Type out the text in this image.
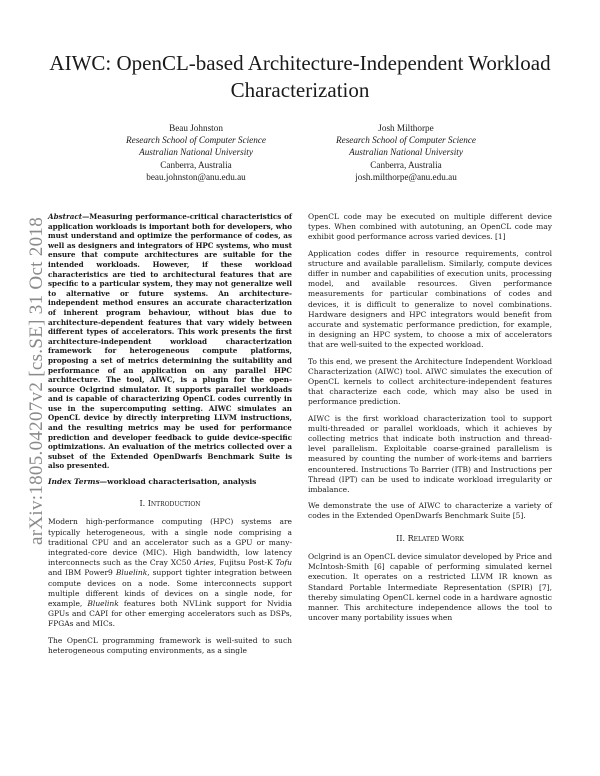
arXiv:1805.04207v2 [cs.SE] 31 Oct 2018
AIWC: OpenCL-based Architecture-Independent Workload Characterization
Beau Johnston
Research School of Computer Science
Australian National University
Canberra, Australia
beau.johnston@anu.edu.au
Josh Milthorpe
Research School of Computer Science
Australian National University
Canberra, Australia
josh.milthorpe@anu.edu.au

Abstract—Measuring performance-critical characteristics of application workloads is important both for developers, who must understand and optimize the performance of codes, as well as designers and integrators of HPC systems, who must ensure that compute architectures are suitable for the intended workloads. However, if these workload characteristics are tied to architectural features that are specific to a particular system, they may not generalize well to alternative or future systems. An architecture-independent method ensures an accurate characterization of inherent program behaviour, without bias due to architecture-dependent features that vary widely between different types of accelerators. This work presents the first architecture-independent workload characterization framework for heterogeneous compute platforms, proposing a set of metrics determining the suitability and performance of an application on any parallel HPC architecture. The tool, AIWC, is a plugin for the open-source Oclgrind simulator. It supports parallel workloads and is capable of characterizing OpenCL codes currently in use in the supercomputing setting. AIWC simulates an OpenCL device by directly interpreting LLVM instructions, and the resulting metrics may be used for performance prediction and developer feedback to guide device-specific optimizations. An evaluation of the metrics collected over a subset of the Extended OpenDwarfs Benchmark Suite is also presented.

Index Terms—workload characterisation, analysis

I. Introduction

Modern high-performance computing (HPC) systems are typically heterogeneous, with a single node comprising a traditional CPU and an accelerator such as a GPU or many-integrated-core device (MIC). High bandwidth, low latency interconnects such as the Cray XC50 Aries, Fujitsu Post-K Tofu and IBM Power9 Bluelink, support tighter integration between compute devices on a node. Some interconnects support multiple different kinds of devices on a single node, for example, Bluelink features both NVLink support for Nvidia GPUs and CAPI for other emerging accelerators such as DSPs, FPGAs and MICs.

The OpenCL programming framework is well-suited to such heterogeneous computing environments, as a single

OpenCL code may be executed on multiple different device types. When combined with autotuning, an OpenCL code may exhibit good performance across varied devices. [1]

Application codes differ in resource requirements, control structure and available parallelism. Similarly, compute devices differ in number and capabilities of execution units, processing model, and available resources. Given performance measurements for particular combinations of codes and devices, it is difficult to generalize to novel combinations. Hardware designers and HPC integrators would benefit from accurate and systematic performance prediction, for example, in designing an HPC system, to choose a mix of accelerators that are well-suited to the expected workload.

To this end, we present the Architecture Independent Workload Characterization (AIWC) tool. AIWC simulates the execution of OpenCL kernels to collect architecture-independent features that characterize each code, which may also be used in performance prediction.

AIWC is the first workload characterization tool to support multi-threaded or parallel workloads, which it achieves by collecting metrics that indicate both instruction and thread-level parallelism. Exploitable coarse-grained parallelism is measured by counting the number of work-items and barriers encountered. Instructions To Barrier (ITB) and Instructions per Thread (IPT) can be used to indicate workload irregularity or imbalance.

We demonstrate the use of AIWC to characterize a variety of codes in the Extended OpenDwarfs Benchmark Suite [5].

II. Related Work

Oclgrind is an OpenCL device simulator developed by Price and McIntosh-Smith [6] capable of performing simulated kernel execution. It operates on a restricted LLVM IR known as Standard Portable Intermediate Representation (SPIR) [7], thereby simulating OpenCL kernel code in a hardware agnostic manner. This architecture independence allows the tool to uncover many portability issues when
